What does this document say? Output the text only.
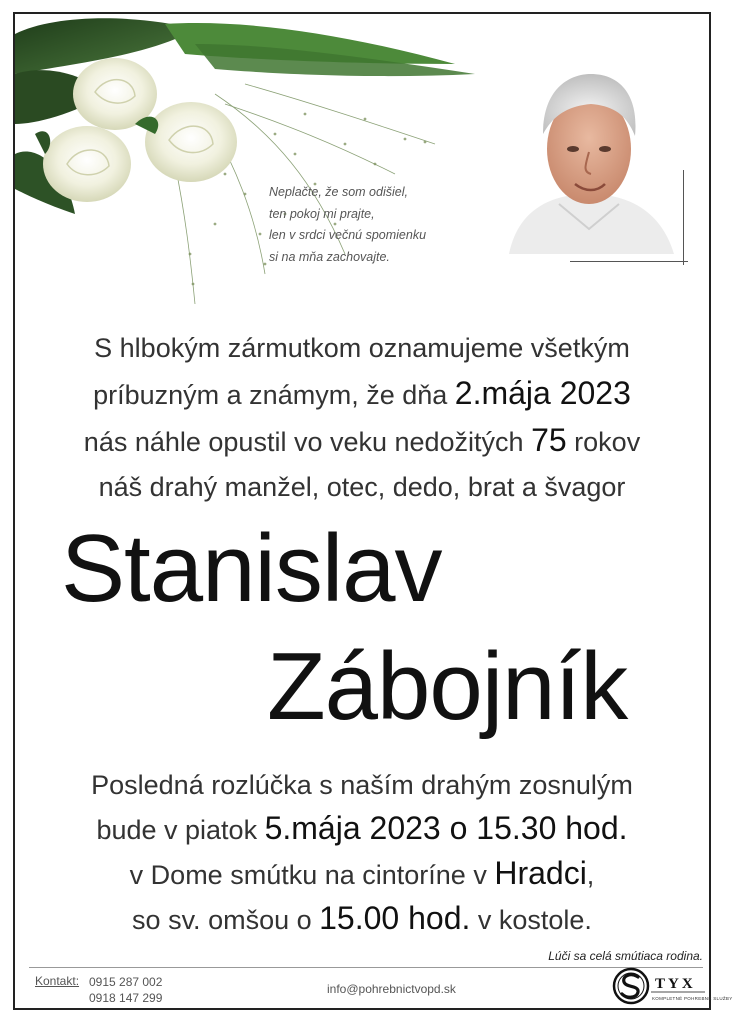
Neplačte, že som odišiel,
ten pokoj mi prajte,
len v srdci večnú spomienku
si na mňa zachovajte.
S hlbokým zármutkom oznamujeme všetkým
príbuzným a známym, že dňa 2.mája 2023
nás náhle opustil vo veku nedožitých 75 rokov
náš drahý manžel, otec, dedo, brat a švagor
Stanislav
Zábojník
Posledná rozlúčka s naším drahým zosnulým
bude v piatok 5.mája 2023 o 15.30 hod.
v Dome smútku na cintoríne v Hradci,
so sv. omšou o 15.00 hod. v kostole.
Lúči sa celá smútiaca rodina.
Kontakt: 0915 287 002
0918 147 299
info@pohrebnictvopd.sk	TYX
KOMPLETNÉ POHREBNÉ SLUŽBY
